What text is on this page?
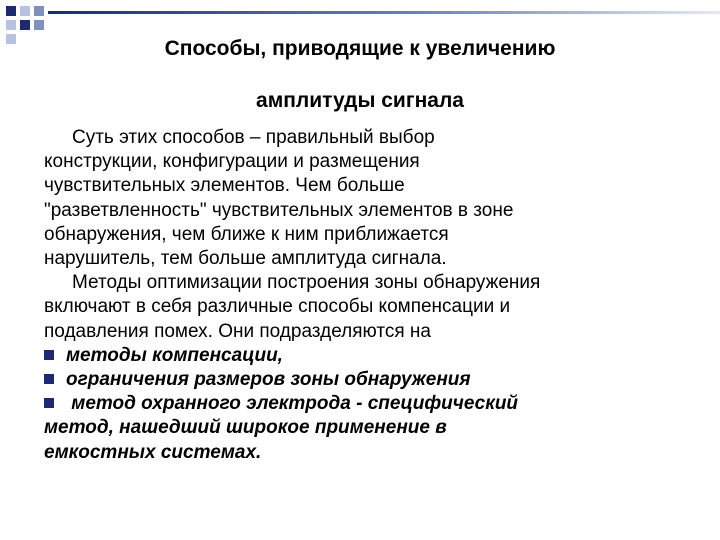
Способы, приводящие к увеличению
амплитуды сигнала

Суть этих способов – правильный выбор

конструкции, конфигурации и размещения

чувствительных элементов. Чем больше

"разветвленность" чувствительных элементов в зоне

обнаружения, чем ближе к ним приближается

нарушитель, тем больше амплитуда сигнала.

Методы оптимизации построения зоны обнаружения

включают в себя различные способы компенсации и

подавления помех. Они подразделяются на

методы компенсации,

ограничения размеров зоны обнаружения

метод охранного электрода - специфический

метод, нашедший широкое применение в

емкостных системах.
